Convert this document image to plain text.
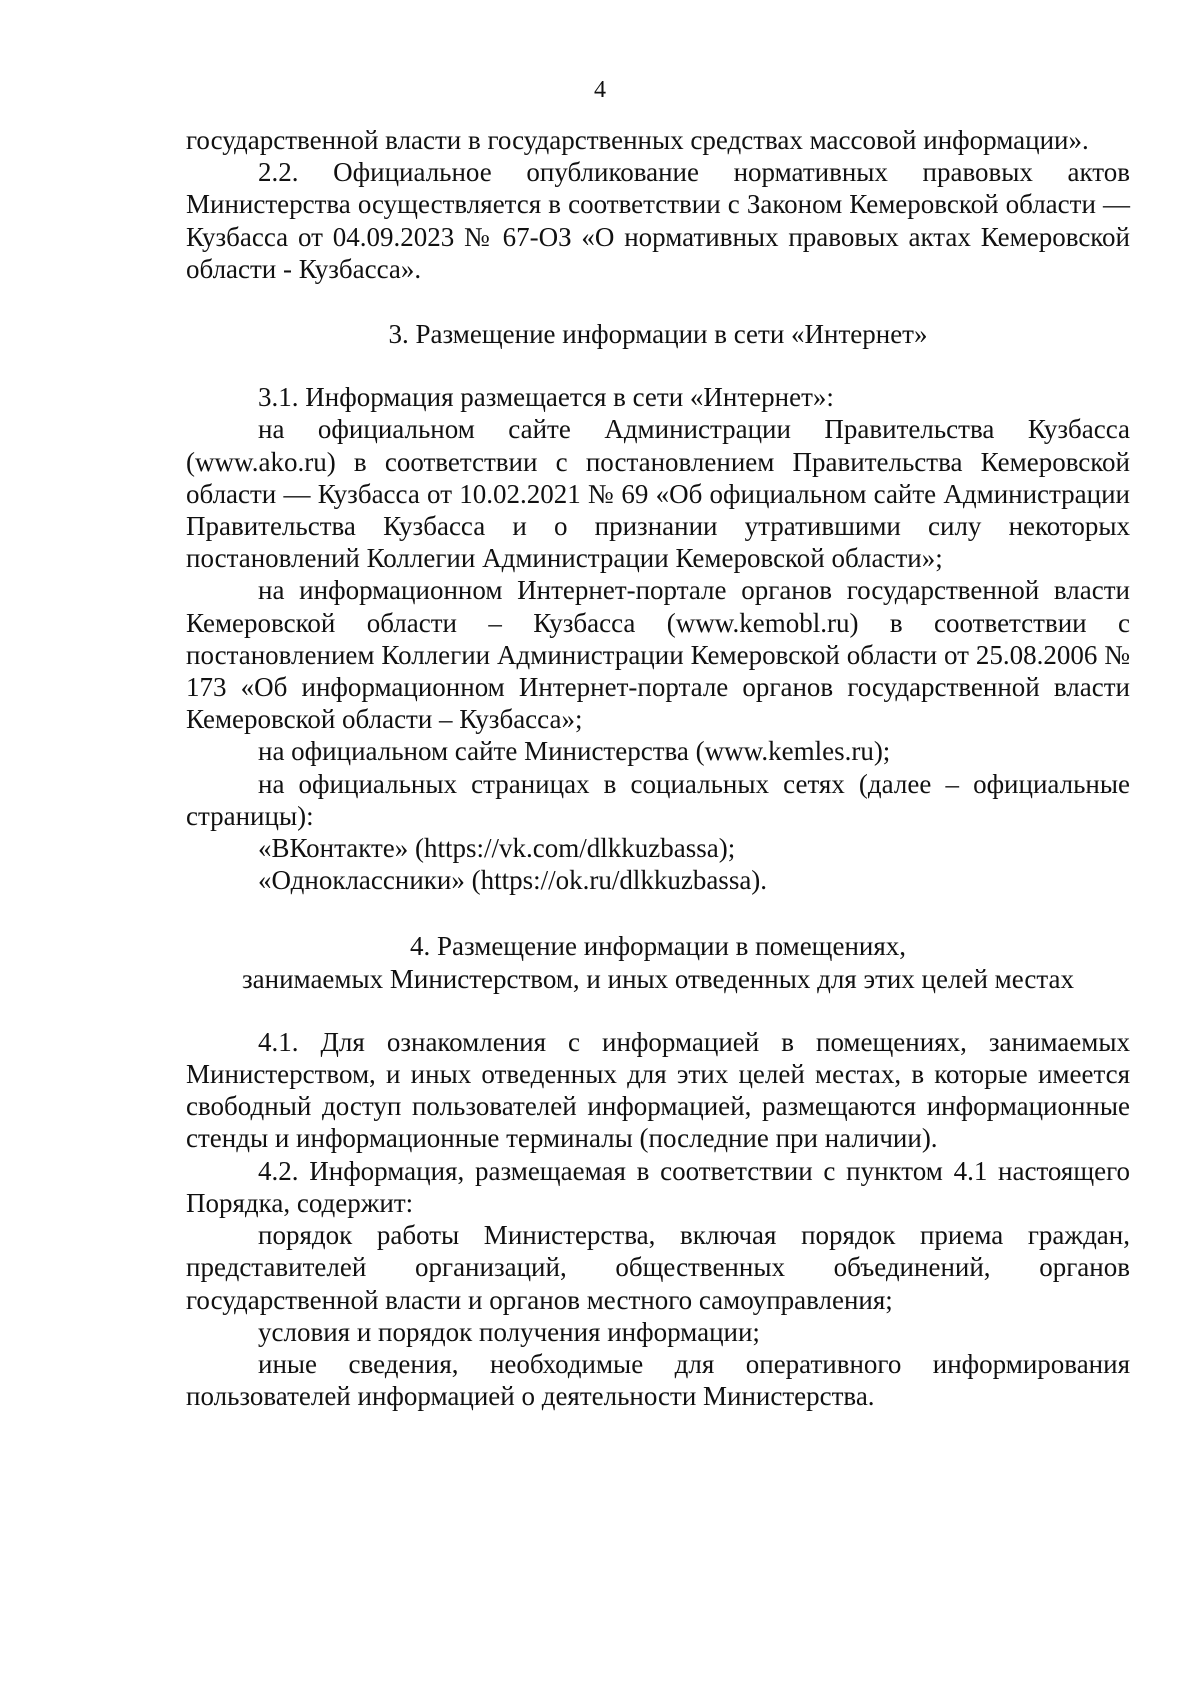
4

государственной власти в государственных средствах массовой информации».

2.2. Официальное опубликование нормативных правовых актов Министерства осуществляется в соответствии с Законом Кемеровской области — Кузбасса от 04.09.2023 № 67-ОЗ «О нормативных правовых актах Кемеровской области - Кузбасса».

3. Размещение информации в сети «Интернет»

3.1. Информация размещается в сети «Интернет»:

на официальном сайте Администрации Правительства Кузбасса (www.ako.ru) в соответствии с постановлением Правительства Кемеровской области — Кузбасса от 10.02.2021 № 69 «Об официальном сайте Администрации Правительства Кузбасса и о признании утратившими силу некоторых постановлений Коллегии Администрации Кемеровской области»;

на информационном Интернет-портале органов государственной власти Кемеровской области – Кузбасса (www.kemobl.ru) в соответствии с постановлением Коллегии Администрации Кемеровской области от 25.08.2006 № 173 «Об информационном Интернет-портале органов государственной власти Кемеровской области – Кузбасса»;

на официальном сайте Министерства (www.kemles.ru);

на официальных страницах в социальных сетях (далее – официальные страницы):

«ВКонтакте» (https://vk.com/dlkkuzbassa);

«Одноклассники» (https://ok.ru/dlkkuzbassa).

4. Размещение информации в помещениях,

занимаемых Министерством, и иных отведенных для этих целей местах

4.1. Для ознакомления с информацией в помещениях, занимаемых Министерством, и иных отведенных для этих целей местах, в которые имеется свободный доступ пользователей информацией, размещаются информационные стенды и информационные терминалы (последние при наличии).

4.2. Информация, размещаемая в соответствии с пунктом 4.1 настоящего Порядка, содержит:

порядок работы Министерства, включая порядок приема граждан, представителей организаций, общественных объединений, органов государственной власти и органов местного самоуправления;

условия и порядок получения информации;

иные сведения, необходимые для оперативного информирования пользователей информацией о деятельности Министерства.
